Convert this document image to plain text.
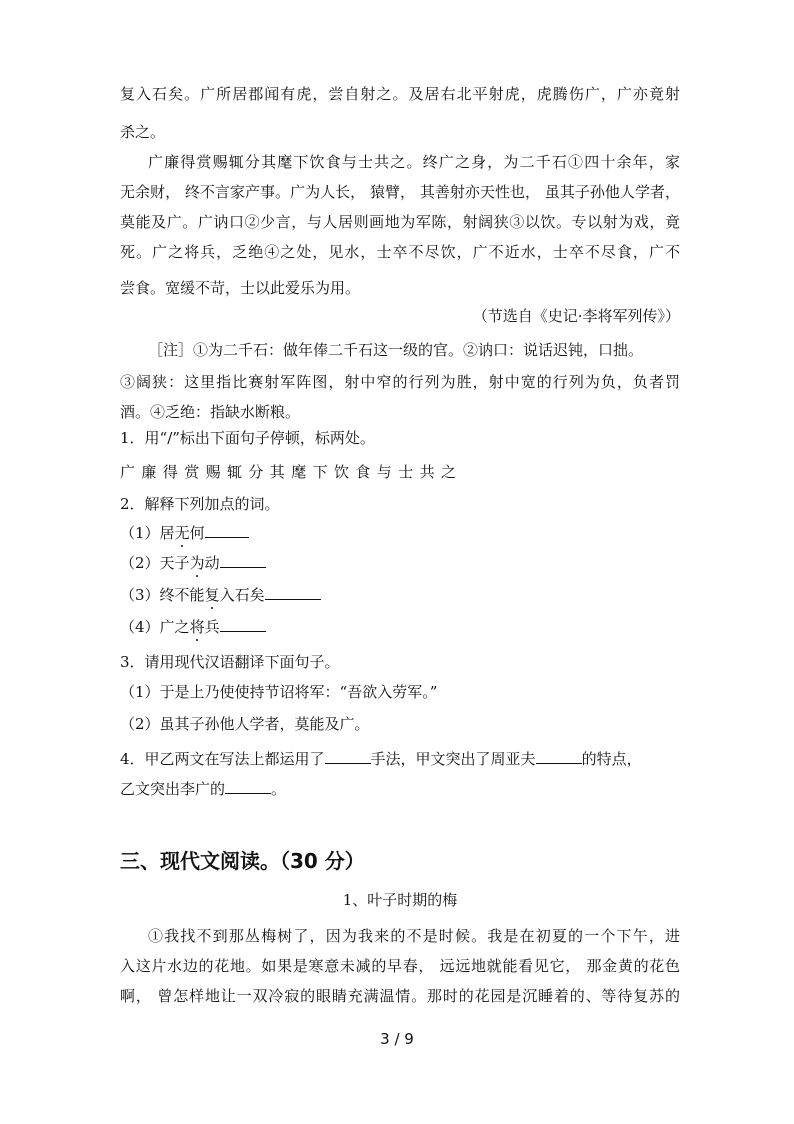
复入石矣。广所居郡闻有虎，尝自射之。及居右北平射虎，虎腾伤广，广亦竟射
杀之。
广廉得赏赐辄分其麾下饮食与士共之。终广之身，为二千石①四十余年，家
无余财， 终不言家产事。广为人长， 猿臂， 其善射亦天性也， 虽其子孙他人学者，
莫能及广。广讷口②少言，与人居则画地为军陈，射阔狭③以饮。专以射为戏，竟
死。广之将兵，乏绝④之处，见水，士卒不尽饮，广不近水，士卒不尽食，广不
尝食。宽缓不苛，士以此爱乐为用。
（节选自《史记·李将军列传》）
［注］①为二千石：做年俸二千石这一级的官。②讷口：说话迟钝，口拙。
③阔狭：这里指比赛射军阵图，射中窄的行列为胜，射中宽的行列为负，负者罚
酒。④乏绝：指缺水断粮。
1．用“/”标出下面句子停顿，标两处。
广廉得赏赐辄分其麾下饮食与士共之
2．解释下列加点的词。
（1）居无何
（2）天子为动
（3）终不能复入石矣
（4）广之将兵
3．请用现代汉语翻译下面句子。
（1）于是上乃使使持节诏将军：“吾欲入劳军。”
（2）虽其子孙他人学者，莫能及广。
4．甲乙两文在写法上都运用了	手法，甲文突出了周亚夫	的特点，
乙文突出李广的	。
三、现代文阅读。（30 分）
1、叶子时期的梅
①我找不到那丛梅树了，因为我来的不是时候。我是在初夏的一个下午，进
入这片水边的花地。如果是寒意未减的早春， 远远地就能看见它， 那金黄的花色
啊， 曾怎样地让一双冷寂的眼睛充满温情。那时的花园是沉睡着的、等待复苏的
3 / 9
